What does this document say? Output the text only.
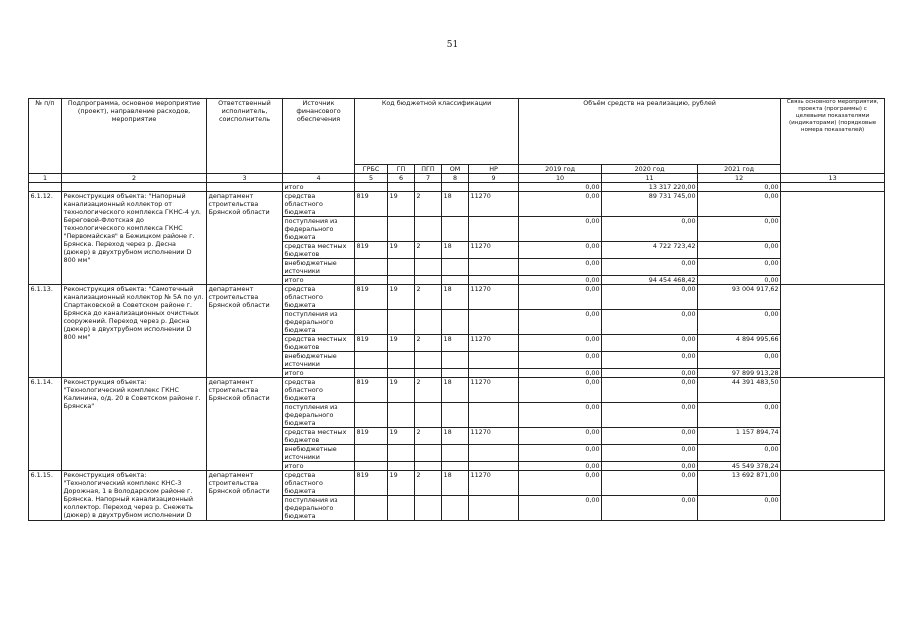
51
№ п/п	Подпрограмма, основное мероприятие (проект), направление расходов, мероприятие	Ответственный исполнитель, соисполнитель	Источник финансового обеспечения	Код бюджетной классификации					Объём средств на реализацию, рублей			Связь основного мероприятия, проекта (программы) с целевыми показателями (индикаторами) (порядковые номера показателей)
				ГРБС	ГП	ПГП	ОМ	НР	2019 год	2020 год	2021 год	
1	2	3	4	5	6	7	8	9	10	11	12	13
			итого						0,00	13 317 220,00	0,00	
6.1.12.	Реконструкция объекта: "Напорный канализационный коллектор от технологического комплекса ГКНС-4 ул. Береговой-Флотская до технологического комплекса ГКНС "Первомайская" в Бежицком районе г. Брянска. Переход через р. Десна (дюкер) в двухтрубном исполнении D 800 мм"	департамент строительства Брянской области	средства областного бюджета	819	19	2	18	11270	0,00	89 731 745,00	0,00	
			поступления из федерального бюджета						0,00	0,00	0,00	
			средства местных бюджетов	819	19	2	18	11270	0,00	4 722 723,42	0,00	
			внебюджетные источники						0,00	0,00	0,00	
			итого						0,00	94 454 468,42	0,00	
6.1.13.	Реконструкция объекта: "Самотечный канализационный коллектор № 5А по ул. Спартаковской в Советском районе г. Брянска до канализационных очистных сооружений. Переход через р. Десна (дюкер) в двухтрубном исполнении D 800 мм"	департамент строительства Брянской области	средства областного бюджета	819	19	2	18	11270	0,00	0,00	93 004 917,62	
			поступления из федерального бюджета						0,00	0,00	0,00	
			средства местных бюджетов	819	19	2	18	11270	0,00	0,00	4 894 995,66	
			внебюджетные источники						0,00	0,00	0,00	
			итого						0,00	0,00	97 899 913,28	
6.1.14.	Реконструкция объекта: "Технологический комплекс ГКНС Калинина, о/д. 20 в Советском районе г. Брянска"	департамент строительства Брянской области	средства областного бюджета	819	19	2	18	11270	0,00	0,00	44 391 483,50	
			поступления из федерального бюджета						0,00	0,00	0,00	
			средства местных бюджетов	819	19	2	18	11270	0,00	0,00	1 157 894,74	
			внебюджетные источники						0,00	0,00	0,00	
			итого						0,00	0,00	45 549 378,24	
6.1.15.	Реконструкция объекта: "Технологический комплекс КНС-3 Дорожная, 1 в Володарском районе г. Брянска. Напорный канализационный коллектор. Переход через р. Снежеть (дюкер) в двухтрубном исполнении D	департамент строительства Брянской области	средства областного бюджета	819	19	2	18	11270	0,00	0,00	13 692 871,00	
			поступления из федерального бюджета						0,00	0,00	0,00	
